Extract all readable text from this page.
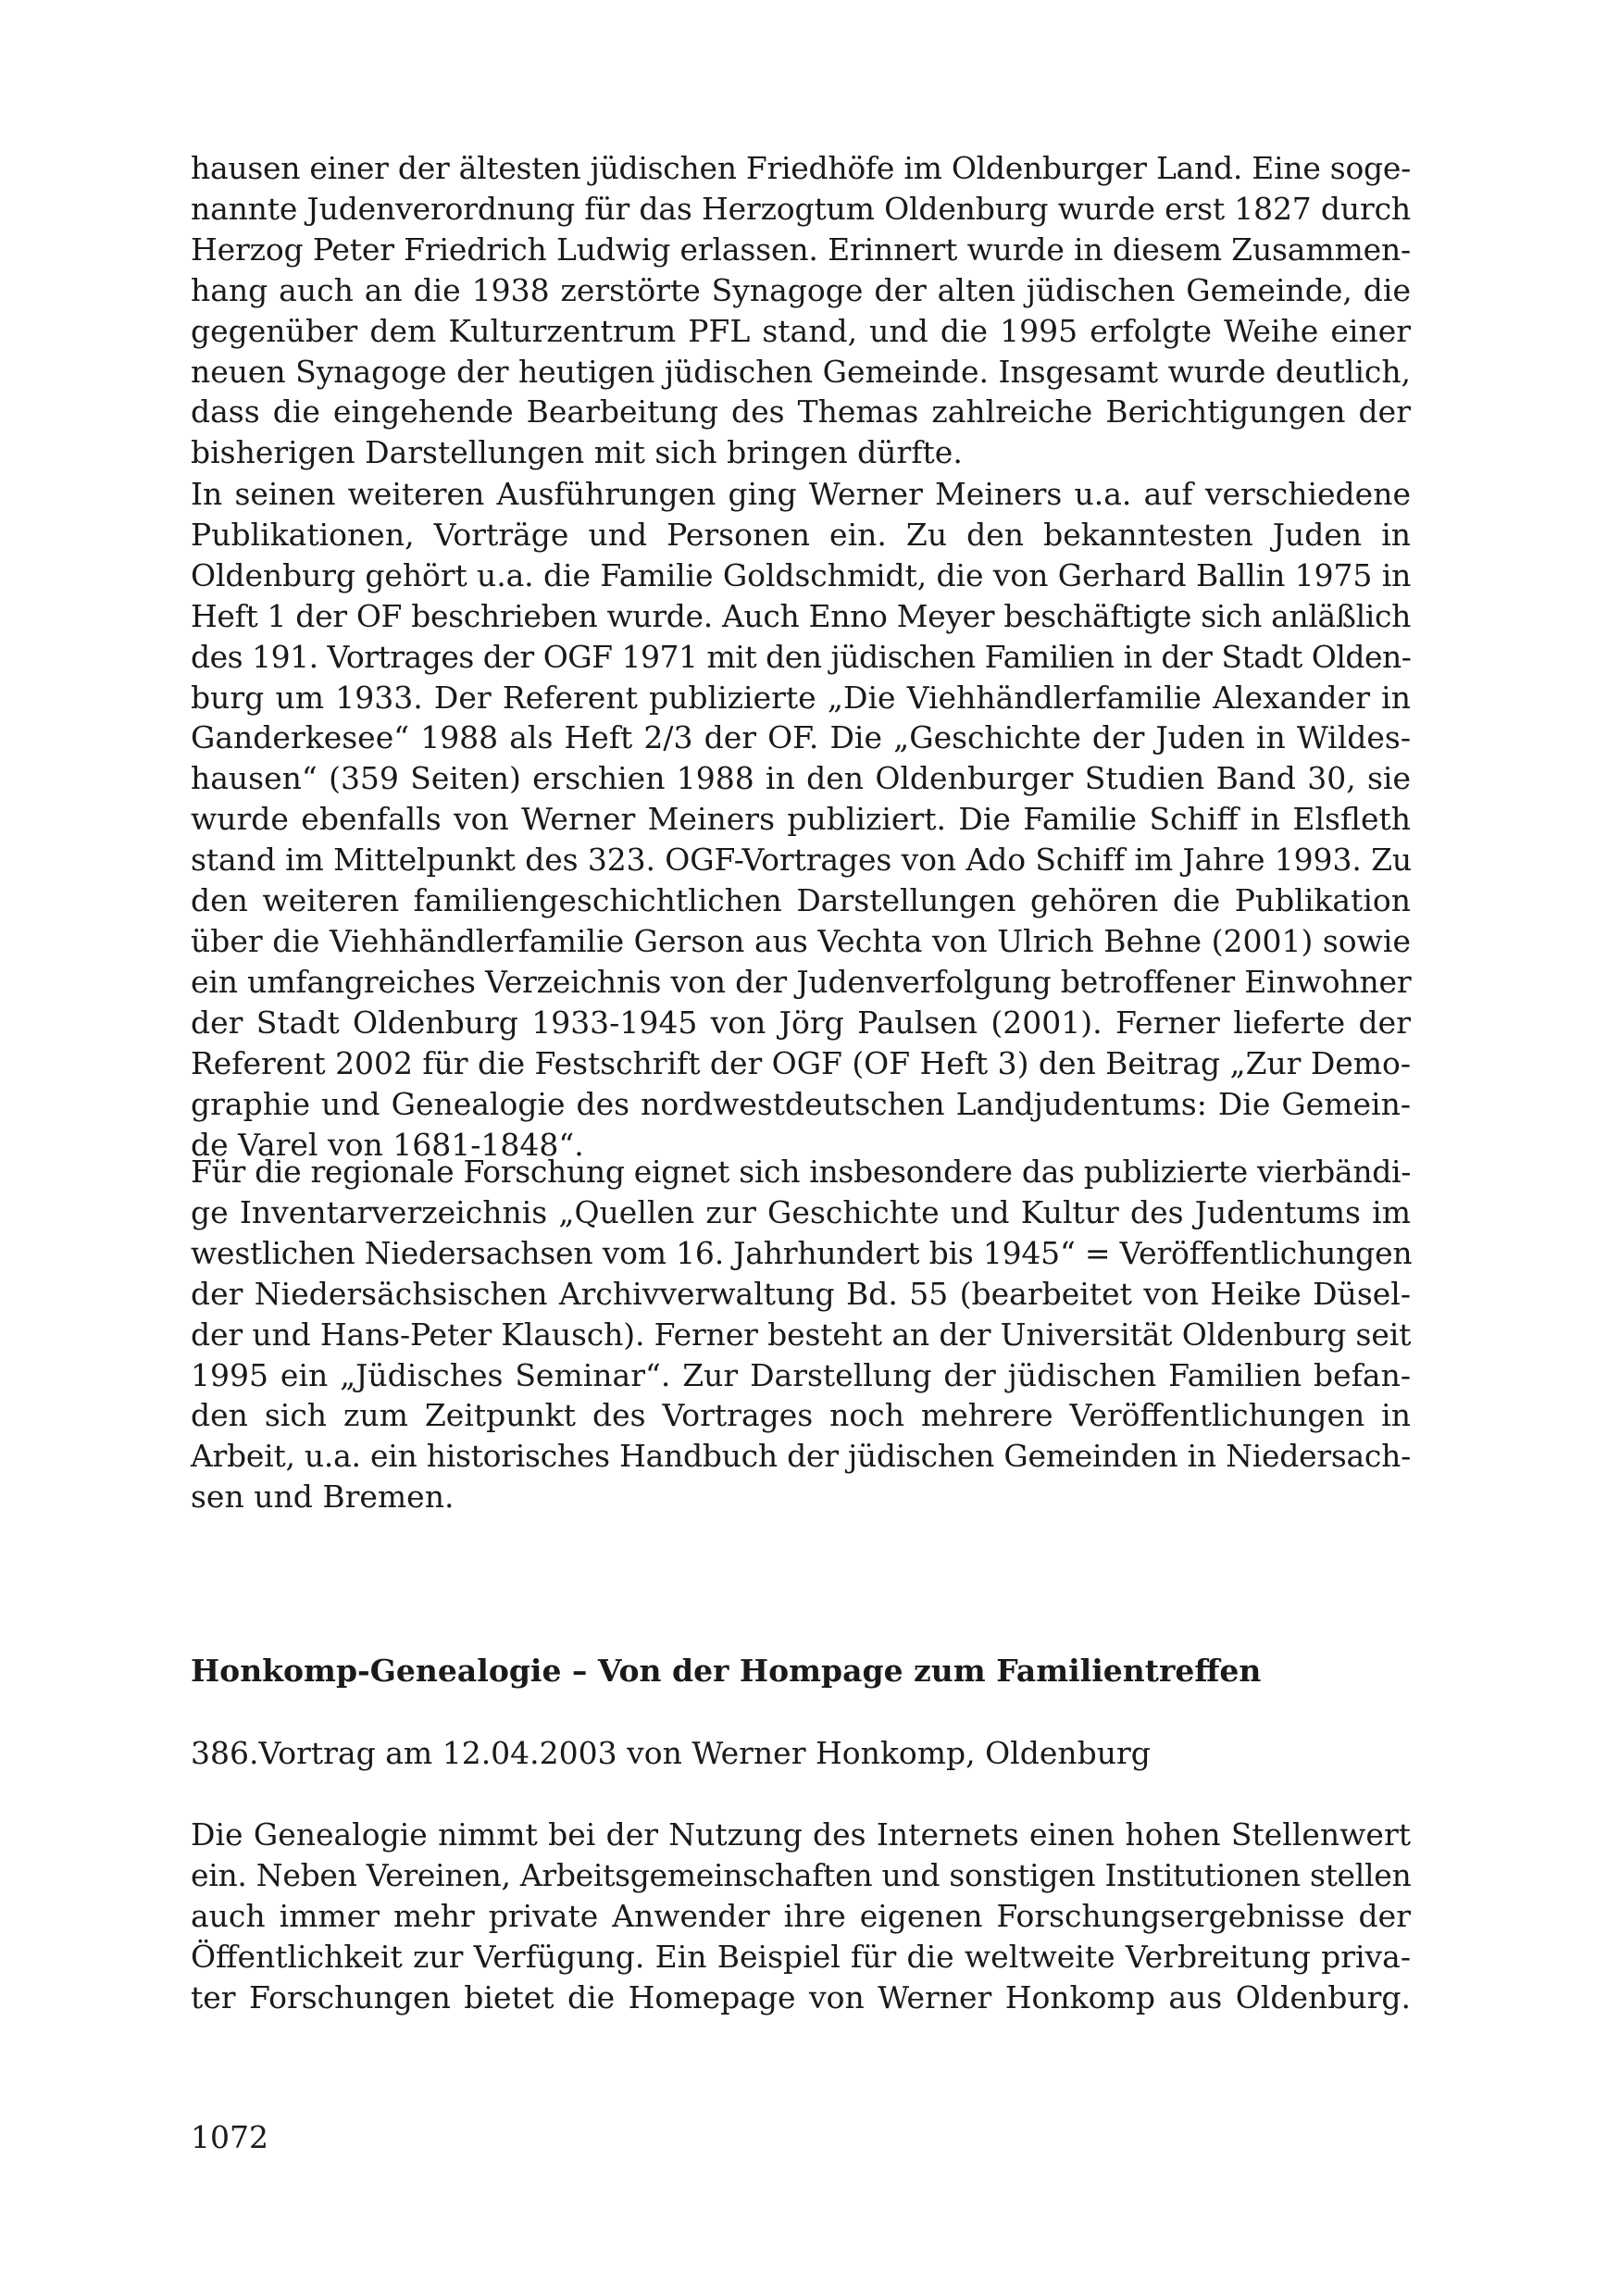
hausen einer der ältesten jüdischen Friedhöfe im Oldenburger Land. Eine soge-
nannte Judenverordnung für das Herzogtum Oldenburg wurde erst 1827 durch
Herzog Peter Friedrich Ludwig erlassen. Erinnert wurde in diesem Zusammen-
hang auch an die 1938 zerstörte Synagoge der alten jüdischen Gemeinde, die
gegenüber dem Kulturzentrum PFL stand, und die 1995 erfolgte Weihe einer
neuen Synagoge der heutigen jüdischen Gemeinde. Insgesamt wurde deutlich,
dass die eingehende Bearbeitung des Themas zahlreiche Berichtigungen der
bisherigen Darstellungen mit sich bringen dürfte.
In seinen weiteren Ausführungen ging Werner Meiners u.a. auf verschiedene
Publikationen, Vorträge und Personen ein. Zu den bekanntesten Juden in
Oldenburg gehört u.a. die Familie Goldschmidt, die von Gerhard Ballin 1975 in
Heft 1 der OF beschrieben wurde. Auch Enno Meyer beschäftigte sich anläßlich
des 191. Vortrages der OGF 1971 mit den jüdischen Familien in der Stadt Olden-
burg um 1933. Der Referent publizierte „Die Viehhändlerfamilie Alexander in
Ganderkesee“ 1988 als Heft 2/3 der OF. Die „Geschichte der Juden in Wildes-
hausen“ (359 Seiten) erschien 1988 in den Oldenburger Studien Band 30, sie
wurde ebenfalls von Werner Meiners publiziert. Die Familie Schiff in Elsfleth
stand im Mittelpunkt des 323. OGF-Vortrages von Ado Schiff im Jahre 1993. Zu
den weiteren familiengeschichtlichen Darstellungen gehören die Publikation
über die Viehhändlerfamilie Gerson aus Vechta von Ulrich Behne (2001) sowie
ein umfangreiches Verzeichnis von der Judenverfolgung betroffener Einwohner
der Stadt Oldenburg 1933-1945 von Jörg Paulsen (2001). Ferner lieferte der
Referent 2002 für die Festschrift der OGF (OF Heft 3) den Beitrag „Zur Demo-
graphie und Genealogie des nordwestdeutschen Landjudentums: Die Gemein-
de Varel von 1681-1848“.
Für die regionale Forschung eignet sich insbesondere das publizierte vierbändi-
ge Inventarverzeichnis „Quellen zur Geschichte und Kultur des Judentums im
westlichen Niedersachsen vom 16. Jahrhundert bis 1945“ = Veröffentlichungen
der Niedersächsischen Archivverwaltung Bd. 55 (bearbeitet von Heike Düsel-
der und Hans-Peter Klausch). Ferner besteht an der Universität Oldenburg seit
1995 ein „Jüdisches Seminar“. Zur Darstellung der jüdischen Familien befan-
den sich zum Zeitpunkt des Vortrages noch mehrere Veröffentlichungen in
Arbeit, u.a. ein historisches Handbuch der jüdischen Gemeinden in Niedersach-
sen und Bremen.
Honkomp-Genealogie – Von der Hompage zum Familientreffen

386.Vortrag am 12.04.2003 von Werner Honkomp, Oldenburg

Die Genealogie nimmt bei der Nutzung des Internets einen hohen Stellenwert
ein. Neben Vereinen, Arbeitsgemeinschaften und sonstigen Institutionen stellen
auch immer mehr private Anwender ihre eigenen Forschungsergebnisse der
Öffentlichkeit zur Verfügung. Ein Beispiel für die weltweite Verbreitung priva-
ter Forschungen bietet die Homepage von Werner Honkomp aus Oldenburg.

1072
